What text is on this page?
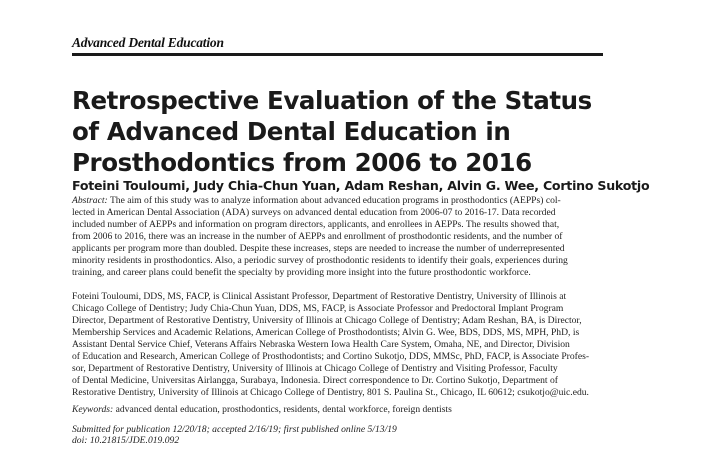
Advanced Dental Education
Retrospective Evaluation of the Status
of Advanced Dental Education in
Prosthodontics from 2006 to 2016
Foteini Touloumi, Judy Chia-Chun Yuan, Adam Reshan, Alvin G. Wee, Cortino Sukotjo
Abstract: The aim of this study was to analyze information about advanced education programs in prosthodontics (AEPPs) col-
lected in American Dental Association (ADA) surveys on advanced dental education from 2006-07 to 2016-17. Data recorded
included number of AEPPs and information on program directors, applicants, and enrollees in AEPPs. The results showed that,
from 2006 to 2016, there was an increase in the number of AEPPs and enrollment of prosthodontic residents, and the number of
applicants per program more than doubled. Despite these increases, steps are needed to increase the number of underrepresented
minority residents in prosthodontics. Also, a periodic survey of prosthodontic residents to identify their goals, experiences during
training, and career plans could benefit the specialty by providing more insight into the future prosthodontic workforce.
Foteini Touloumi, DDS, MS, FACP, is Clinical Assistant Professor, Department of Restorative Dentistry, University of Illinois at
Chicago College of Dentistry; Judy Chia-Chun Yuan, DDS, MS, FACP, is Associate Professor and Predoctoral Implant Program
Director, Department of Restorative Dentistry, University of Illinois at Chicago College of Dentistry; Adam Reshan, BA, is Director,
Membership Services and Academic Relations, American College of Prosthodontists; Alvin G. Wee, BDS, DDS, MS, MPH, PhD, is
Assistant Dental Service Chief, Veterans Affairs Nebraska Western Iowa Health Care System, Omaha, NE, and Director, Division
of Education and Research, American College of Prosthodontists; and Cortino Sukotjo, DDS, MMSc, PhD, FACP, is Associate Profes-
sor, Department of Restorative Dentistry, University of Illinois at Chicago College of Dentistry and Visiting Professor, Faculty
of Dental Medicine, Universitas Airlangga, Surabaya, Indonesia. Direct correspondence to Dr. Cortino Sukotjo, Department of
Restorative Dentistry, University of Illinois at Chicago College of Dentistry, 801 S. Paulina St., Chicago, IL 60612; csukotjo@uic.edu.
Keywords: advanced dental education, prosthodontics, residents, dental workforce, foreign dentists
Submitted for publication 12/20/18; accepted 2/16/19; first published online 5/13/19
doi: 10.21815/JDE.019.092
